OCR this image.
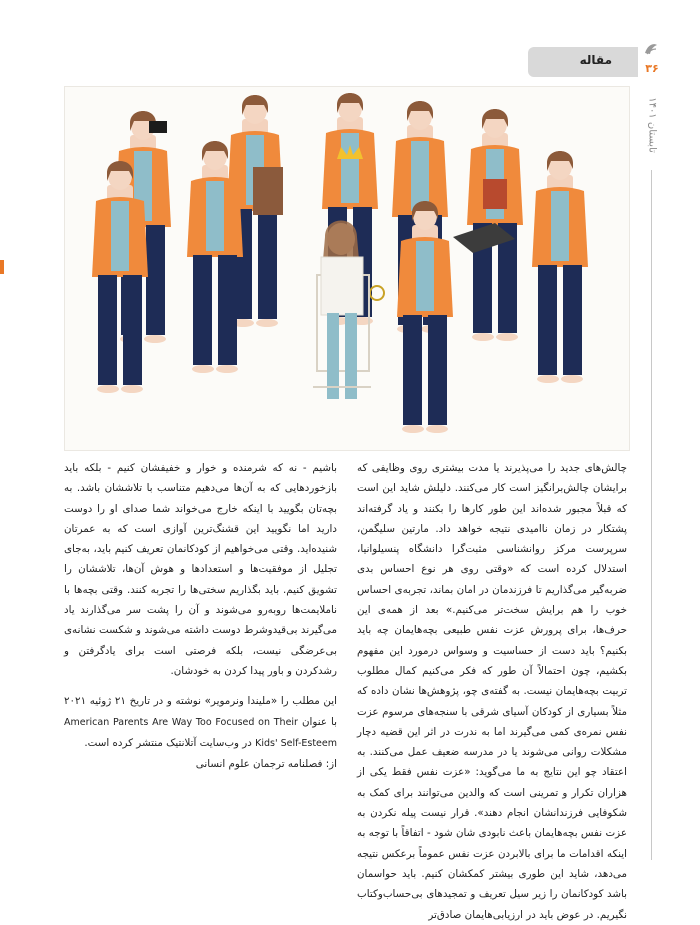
مقاله
۳۶
تابستان ۱۴۰۱

چالش‌های جدید را می‌پذیرند یا مدت بیشتری روی وظایفی که برایشان چالش‌برانگیز است کار می‌کنند. دلیلش شاید این است که قبلاً مجبور شده‌اند این طور کارها را بکنند و یاد گرفته‌اند پشتکار در زمان ناامیدی نتیجه خواهد داد. مارتین سلیگمن، سرپرست مرکز روانشناسی مثبت‌گرا دانشگاه پنسیلوانیا، استدلال کرده است که «وقتی روی هر نوع احساس بدی ضربه‌گیر می‌گذاریم تا فرزندمان در امان بماند، تجربه‌ی احساس خوب را هم برایش سخت‌تر می‌کنیم.» بعد از همه‌ی این حرف‌ها، برای پرورش عزت نفس طبیعی بچه‌هایمان چه باید بکنیم؟ باید دست از حساسیت و وسواس درمورد این مفهوم بکشیم، چون احتمالاً آن طور که فکر می‌کنیم کمال مطلوب تربیت بچه‌هایمان نیست. به گفته‌ی چو، پژوهش‌ها نشان داده که مثلاً بسیاری از کودکان آسیای شرقی با سنجه‌های مرسوم عزت نفس نمره‌ی کمی می‌گیرند اما به ندرت در اثر این قضیه دچار مشکلات روانی می‌شوند یا در مدرسه ضعیف عمل می‌کنند. به اعتقاد چو این نتایج به ما می‌گوید: «عزت نفس فقط یکی از هزاران تکرار و تمرینی است که والدین می‌توانند برای کمک به شکوفایی فرزندانشان انجام دهند». قرار نیست پیله نکردن به عزت نفس بچه‌هایمان باعث نابودی شان شود - اتفاقاً با توجه به اینکه اقدامات ما برای بالابردن عزت نفس عموماً برعکس نتیجه می‌دهد، شاید این طوری بیشتر کمکشان کنیم. باید حواسمان باشد کودکانمان را زیر سیل تعریف و تمجیدهای بی‌حساب‌وکتاب نگیریم. در عوض باید در ارزیابی‌هایمان صادق‌تر

باشیم - نه که شرمنده و خوار و خفیفشان کنیم - بلکه باید بازخوردهایی که به آن‌ها می‌دهیم متناسب با تلاششان باشد. به بچه‌تان بگویید با اینکه خارج می‌خواند شما صدای او را دوست دارید اما نگویید این قشنگ‌ترین آوازی است که به عمرتان شنیده‌اید. وقتی می‌خواهیم از کودکانمان تعریف کنیم باید، به‌جای تجلیل از موفقیت‌ها و استعدادها و هوش آن‌ها، تلاششان را تشویق کنیم. باید بگذاریم سختی‌ها را تجربه کنند. وقتی بچه‌ها با ناملایمت‌ها روبه‌رو می‌شوند و آن را پشت سر می‌گذارند یاد می‌گیرند بی‌قیدوشرط دوست داشته می‌شوند و شکست نشانه‌ی بی‌عرضگی نیست، بلکه فرصتی است برای یادگرفتن و رشدکردن و باور پیدا کردن به خودشان.

این مطلب را «ملیندا ونرمویر» نوشته و در تاریخ ۲۱ ژوئیه ۲۰۲۱ با عنوان American Parents Are Way Too Focused on Their Kids' Self-Esteem در وب‌سایت آتلانتیک منتشر کرده است.

از: فصلنامه ترجمان علوم انسانی
